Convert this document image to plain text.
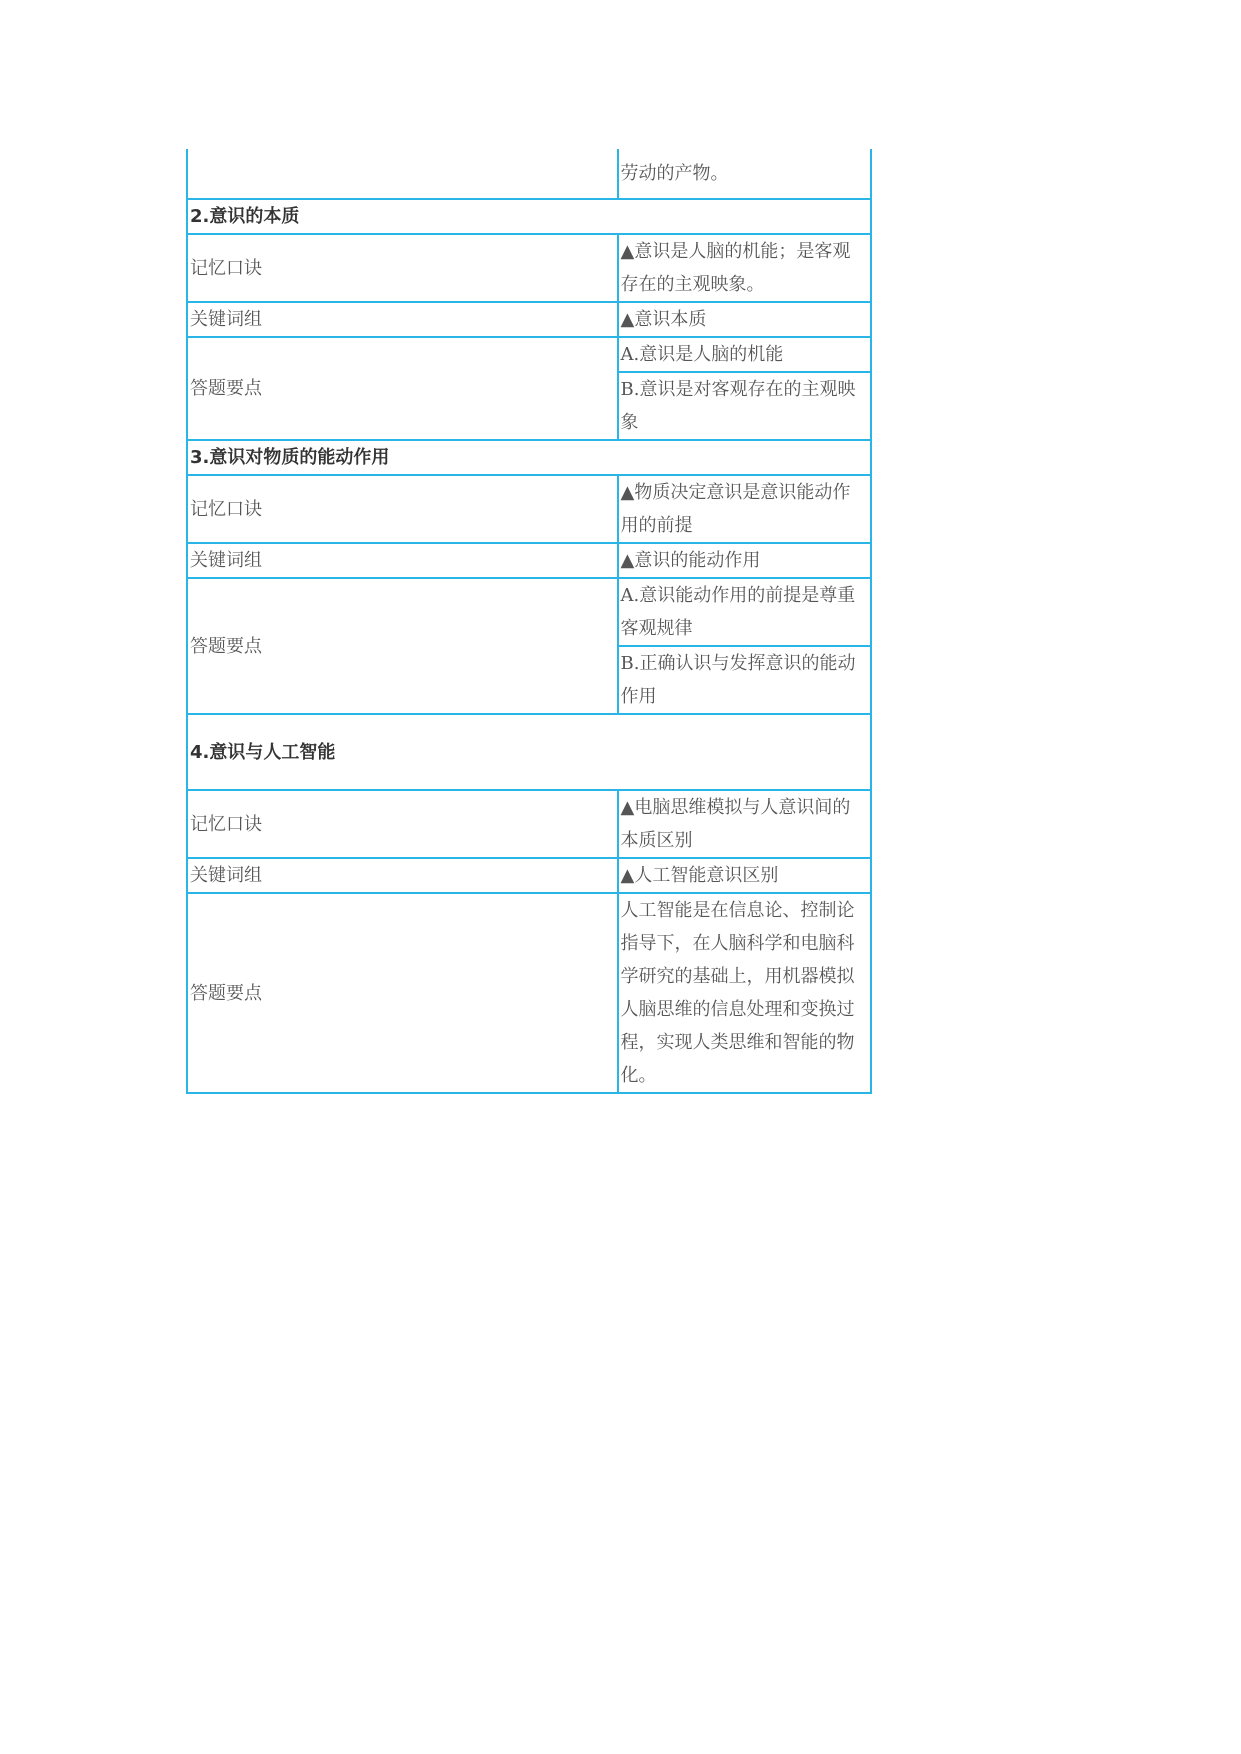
	劳动的产物。
2.意识的本质	
记忆口诀	▲意识是人脑的机能；是客观存在的主观映象。
关键词组	▲意识本质
答题要点	A.意识是人脑的机能
	B.意识是对客观存在的主观映象
3.意识对物质的能动作用	
记忆口诀	▲物质决定意识是意识能动作用的前提
关键词组	▲意识的能动作用
答题要点	A.意识能动作用的前提是尊重客观规律
	B.正确认识与发挥意识的能动作用
4.意识与人工智能	
记忆口诀	▲电脑思维模拟与人意识间的本质区别
关键词组	▲人工智能意识区别
答题要点	人工智能是在信息论、控制论指导下，在人脑科学和电脑科学研究的基础上，用机器模拟人脑思维的信息处理和变换过程，实现人类思维和智能的物化。
